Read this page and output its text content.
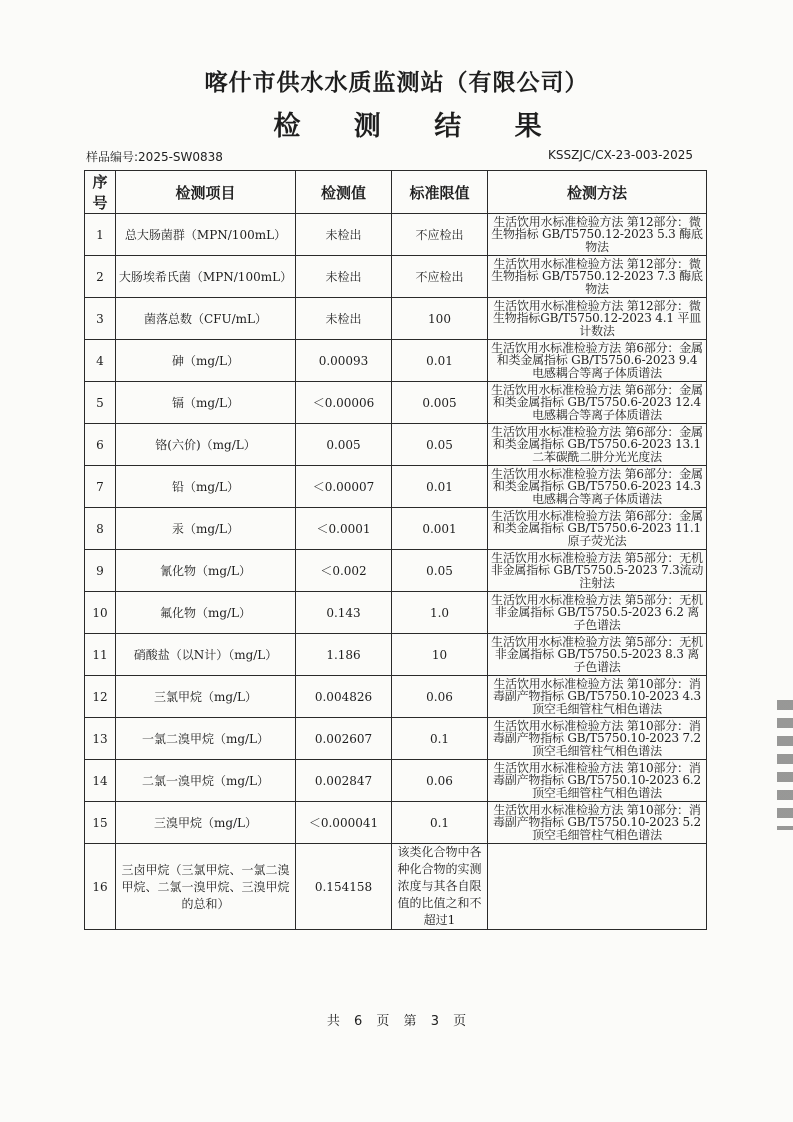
喀什市供水水质监测站（有限公司）
检 测 结 果
样品编号:2025-SW0838	KSSZJC/CX-23-003-2025
序号	检测项目	检测值	标准限值	检测方法
1	总大肠菌群（MPN/100mL）	未检出	不应检出	生活饮用水标准检验方法 第12部分：微生物指标 GB/T5750.12-2023 5.3 酶底物法
2	大肠埃希氏菌（MPN/100mL）	未检出	不应检出	生活饮用水标准检验方法 第12部分：微生物指标 GB/T5750.12-2023 7.3 酶底物法
3	菌落总数（CFU/mL）	未检出	100	生活饮用水标准检验方法 第12部分：微生物指标GB/T5750.12-2023 4.1 平皿计数法
4	砷（mg/L）	0.00093	0.01	生活饮用水标准检验方法 第6部分：金属和类金属指标 GB/T5750.6-2023 9.4 电感耦合等离子体质谱法
5	镉（mg/L）	＜0.00006	0.005	生活饮用水标准检验方法 第6部分：金属和类金属指标 GB/T5750.6-2023 12.4 电感耦合等离子体质谱法
6	铬(六价)（mg/L）	0.005	0.05	生活饮用水标准检验方法 第6部分：金属和类金属指标 GB/T5750.6-2023 13.1 二苯碳酰二肼分光光度法
7	铅（mg/L）	＜0.00007	0.01	生活饮用水标准检验方法 第6部分：金属和类金属指标 GB/T5750.6-2023 14.3 电感耦合等离子体质谱法
8	汞（mg/L）	＜0.0001	0.001	生活饮用水标准检验方法 第6部分：金属和类金属指标 GB/T5750.6-2023 11.1 原子荧光法
9	氰化物（mg/L）	＜0.002	0.05	生活饮用水标准检验方法 第5部分：无机非金属指标 GB/T5750.5-2023 7.3流动注射法
10	氟化物（mg/L）	0.143	1.0	生活饮用水标准检验方法 第5部分：无机非金属指标 GB/T5750.5-2023 6.2 离子色谱法
11	硝酸盐（以N计）（mg/L）	1.186	10	生活饮用水标准检验方法 第5部分：无机非金属指标 GB/T5750.5-2023 8.3 离子色谱法
12	三氯甲烷（mg/L）	0.004826	0.06	生活饮用水标准检验方法 第10部分：消毒副产物指标 GB/T5750.10-2023 4.3 顶空毛细管柱气相色谱法
13	一氯二溴甲烷（mg/L）	0.002607	0.1	生活饮用水标准检验方法 第10部分：消毒副产物指标 GB/T5750.10-2023 7.2 顶空毛细管柱气相色谱法
14	二氯一溴甲烷（mg/L）	0.002847	0.06	生活饮用水标准检验方法 第10部分：消毒副产物指标 GB/T5750.10-2023 6.2 顶空毛细管柱气相色谱法
15	三溴甲烷（mg/L）	＜0.000041	0.1	生活饮用水标准检验方法 第10部分：消毒副产物指标 GB/T5750.10-2023 5.2 顶空毛细管柱气相色谱法
16	三卤甲烷（三氯甲烷、一氯二溴甲烷、二氯一溴甲烷、三溴甲烷的总和）	0.154158	该类化合物中各种化合物的实测浓度与其各自限值的比值之和不超过1	
共 6 页 第 3 页
